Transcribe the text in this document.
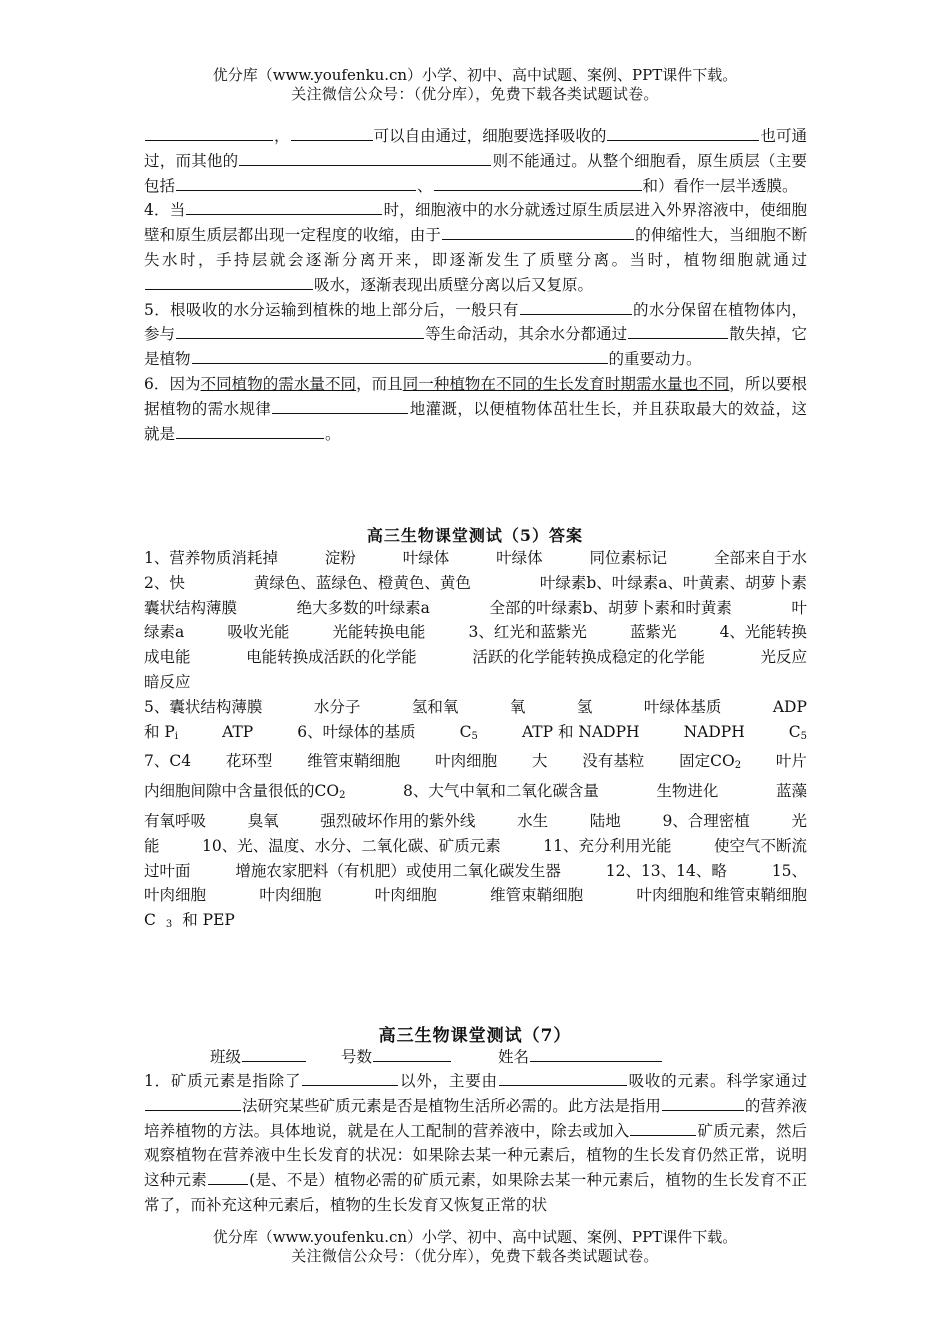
优分库（www.youfenku.cn）小学、初中、高中试题、案例、PPT课件下载。
关注微信公众号：（优分库），免费下载各类试题试卷。

，	可以自由通过，细胞要选择吸收的	也可通过，而其他的	则不能通过。从整个细胞看，原生质层（主要包括	、	和）看作一层半透膜。

4．当	时，细胞液中的水分就透过原生质层进入外界溶液中，使细胞壁和原生质层都出现一定程度的收缩，由于	的伸缩性大，当细胞不断失水时，手持层就会逐渐分离开来，即逐渐发生了质壁分离。当时，植物细胞就通过吸水，逐渐表现出质壁分离以后又复原。

5．根吸收的水分运输到植株的地上部分后，一般只有	的水分保留在植物体内，参与	等生命活动，其余水分都通过	散失掉，它是植物	的重要动力。

6．因为不同植物的需水量不同，而且同一种植物在不同的生长发育时期需水量也不同，所以要根据植物的需水规律	地灌溉，以便植物体茁壮生长，并且获取最大的效益，这就是	。

高三生物课堂测试（5）答案
1、营养物质消耗掉	淀粉	叶绿体	叶绿体	同位素标记	全部来自于水
2、快	黄绿色、蓝绿色、橙黄色、黄色	叶绿素b、叶绿素a、叶黄素、胡萝卜素
囊状结构薄膜	绝大多数的叶绿素a	全部的叶绿素b、胡萝卜素和时黄素	叶
绿素a	吸收光能	光能转换电能	3、红光和蓝紫光	蓝紫光	4、光能转换
成电能	电能转换成活跃的化学能	活跃的化学能转换成稳定的化学能	光反应
暗反应
5、囊状结构薄膜	水分子	氢和氧	氧	氢	叶绿体基质	ADP
和 $P_i$	ATP	6、叶绿体的基质	$C_5$	ATP 和 NADPH	NADPH	$C_5$
7、C4 花环型 维管束鞘细胞 叶肉细胞 大 没有基粒 固定$CO_2$ 叶片
内细胞间隙中含量很低的$CO_2$	8、大气中氧和二氧化碳含量	生物进化	蓝藻
有氧呼吸	臭氧	强烈破坏作用的紫外线	水生	陆地	9、合理密植	光
能	10、光、温度、水分、二氧化碳、矿质元素	11、充分利用光能	使空气不断流
过叶面	增施农家肥料（有机肥）或使用二氧化碳发生器	12、13、14、略	15、
叶肉细胞	叶肉细胞	叶肉细胞	维管束鞘细胞	叶肉细胞和维管束鞘细胞
C $_3$ 和 PEP
高三生物课堂测试（7）
班级	号数	姓名

1．矿质元素是指除了	以外，主要由	吸收的元素。科学家通过法研究某些矿质元素是否是植物生活所必需的。此方法是指用	的营养液培养植物的方法。具体地说，就是在人工配制的营养液中，除去或加入	矿质元素，然后观察植物在营养液中生长发育的状况：如果除去某一种元素后，植物的生长发育仍然正常，说明这种元素	(是、不是）植物必需的矿质元素，如果除去某一种元素后，植物的生长发育不正常了，而补充这种元素后，植物的生长发育又恢复正常的状

优分库（www.youfenku.cn）小学、初中、高中试题、案例、PPT课件下载。
关注微信公众号：（优分库），免费下载各类试题试卷。
